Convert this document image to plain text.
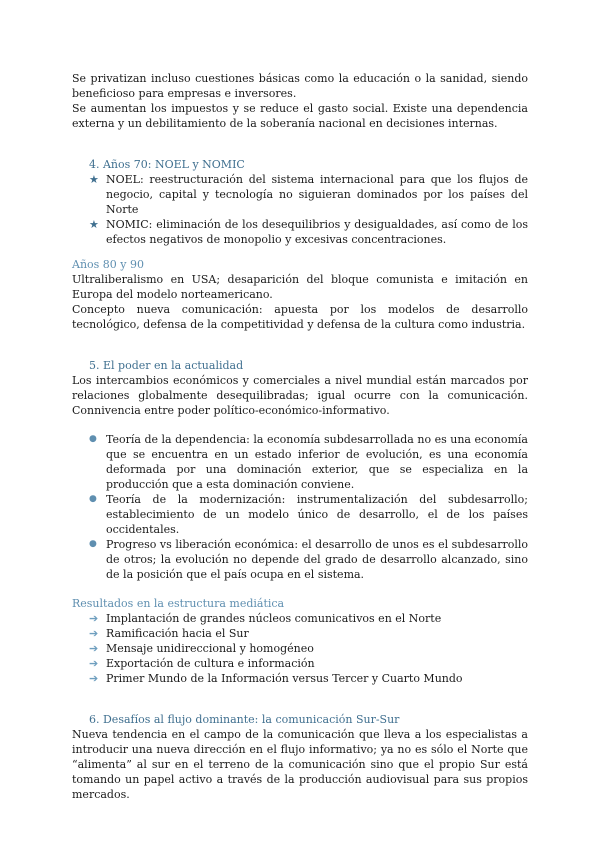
Se privatizan incluso cuestiones básicas como la educación o la sanidad, siendo beneficioso para empresas e inversores.

Se aumentan los impuestos y se reduce el gasto social. Existe una dependencia externa y un debilitamiento de la soberanía nacional en decisiones internas.

4. Años 70: NOEL y NOMIC

★ NOEL: reestructuración del sistema internacional para que los flujos de negocio, capital y tecnología no siguieran dominados por los países del Norte
★ NOMIC: eliminación de los desequilibrios y desigualdades, así como de los efectos negativos de monopolio y excesivas concentraciones.

Años 80 y 90

Ultraliberalismo en USA; desaparición del bloque comunista e imitación en Europa del modelo norteamericano.

Concepto nueva comunicación: apuesta por los modelos de desarrollo tecnológico, defensa de la competitividad y defensa de la cultura como industria.

5. El poder en la actualidad

Los intercambios económicos y comerciales a nivel mundial están marcados por relaciones globalmente desequilibradas; igual ocurre con la comunicación. Connivencia entre poder político-económico-informativo.

● Teoría de la dependencia: la economía subdesarrollada no es una economía que se encuentra en un estado inferior de evolución, es una economía deformada por una dominación exterior, que se especializa en la producción que a esta dominación conviene.
● Teoría de la modernización: instrumentalización del subdesarrollo; establecimiento de un modelo único de desarrollo, el de los países occidentales.
● Progreso vs liberación económica: el desarrollo de unos es el subdesarrollo de otros; la evolución no depende del grado de desarrollo alcanzado, sino de la posición que el país ocupa en el sistema.

Resultados en la estructura mediática

➔ Implantación de grandes núcleos comunicativos en el Norte
➔ Ramificación hacia el Sur
➔ Mensaje unidireccional y homogéneo
➔ Exportación de cultura e información
➔ Primer Mundo de la Información versus Tercer y Cuarto Mundo

6. Desafíos al flujo dominante: la comunicación Sur-Sur

Nueva tendencia en el campo de la comunicación que lleva a los especialistas a introducir una nueva dirección en el flujo informativo; ya no es sólo el Norte que “alimenta” al sur en el terreno de la comunicación sino que el propio Sur está tomando un papel activo a través de la producción audiovisual para sus propios mercados.
